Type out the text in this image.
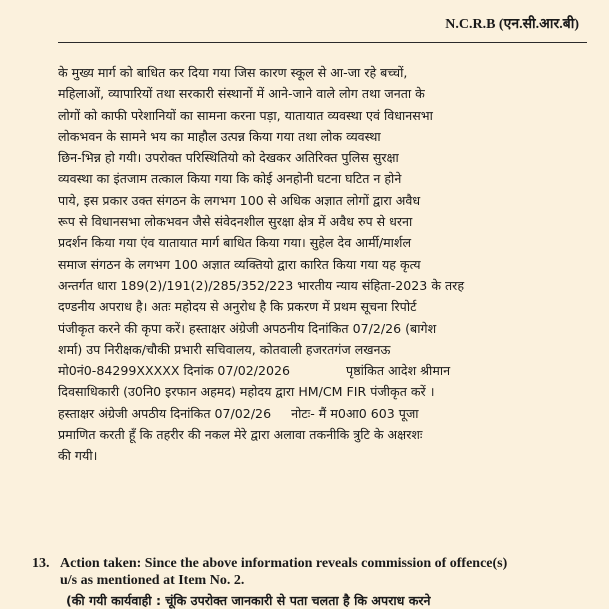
N.C.R.B (एन.सी.आर.बी)
के मुख्य मार्ग को बाधित कर दिया गया जिस कारण स्कूल से आ-जा रहे बच्चों,
महिलाओं, व्यापारियों तथा सरकारी संस्थानों में आने-जाने वाले लोग तथा जनता के
लोगों को काफी परेशानियों का सामना करना पड़ा, यातायात व्यवस्था एवं विधानसभा
लोकभवन के सामने भय का माहौल उत्पन्न किया गया तथा लोक व्यवस्था
छिन-भिन्न हो गयी। उपरोक्त परिस्थितियो को देखकर अतिरिक्त पुलिस सुरक्षा
व्यवस्था का इंतजाम तत्काल किया गया कि कोई अनहोनी घटना घटित न होने
पाये, इस प्रकार उक्त संगठन के लगभग 100 से अधिक अज्ञात लोगों द्वारा अवैध
रूप से विधानसभा लोकभवन जैसे संवेदनशील सुरक्षा क्षेत्र में अवैध रुप से धरना
प्रदर्शन किया गया एंव यातायात मार्ग बाधित किया गया। सुहेल देव आर्मी/मार्शल
समाज संगठन के लगभग 100 अज्ञात व्यक्तियो द्वारा कारित किया गया यह कृत्य
अन्तर्गत धारा 189(2)/191(2)/285/352/223 भारतीय न्याय संहिता-2023 के तरह
दण्डनीय अपराध है। अतः महोदय से अनुरोध है कि प्रकरण में प्रथम सूचना रिपोर्ट
पंजीकृत करने की कृपा करें। हस्ताक्षर अंग्रेजी अपठनीय दिनांकित 07/2/26 (बागेश
शर्मा) उप निरीक्षक/चौकी प्रभारी सचिवालय, कोतवाली हजरतगंज लखनऊ
मो0नं0-84299XXXXX दिनांक 07/02/2026              पृष्ठांकित आदेश श्रीमान
दिवसाधिकारी (उ0नि0 इरफान अहमद) महोदय द्वारा HM/CM FIR पंजीकृत करें ।
हस्ताक्षर अंग्रेजी अपठीय दिनांकित 07/02/26     नोटः- मैं म0आ0 603 पूजा
प्रमाणित करती हूँ कि तहरीर की नकल मेरे द्वारा अलावा तकनीकि त्रुटि के अक्षरशः
की गयी।
13. Action taken: Since the above information reveals commission of offence(s)
u/s as mentioned at Item No. 2.
(की गयी कार्यवाही : चूंकि उपरोक्त जानकारी से पता चलता है कि अपराध करने
